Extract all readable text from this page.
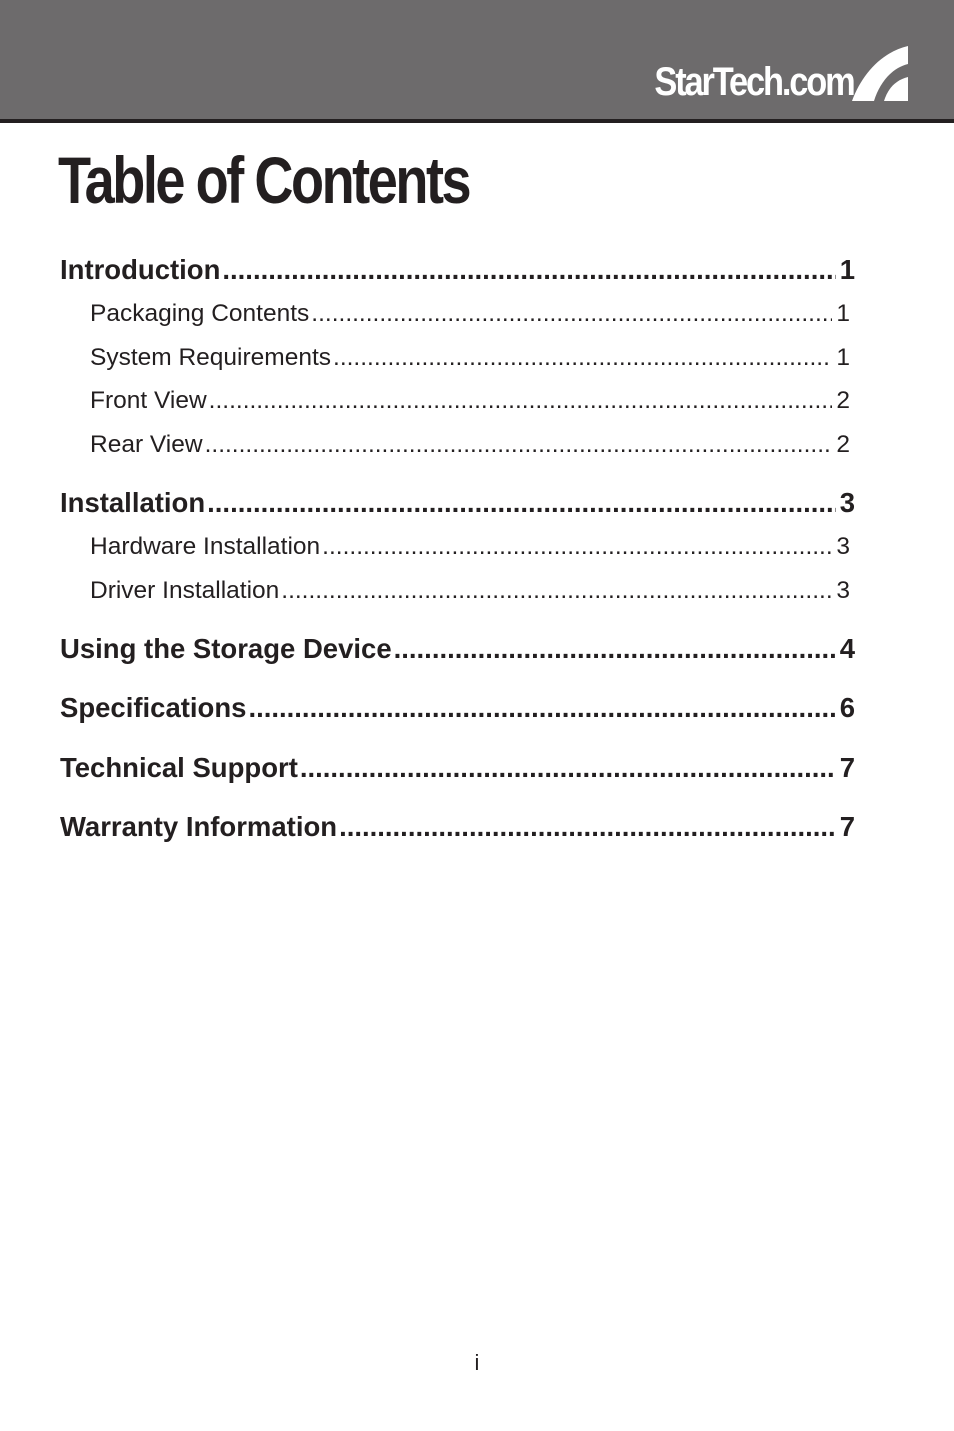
StarTech.com
Table of Contents
Introduction .....	1
Packaging Contents .....	1
System Requirements .....	1
Front View .....	2
Rear View .....	2
Installation .....	3
Hardware Installation .....	3
Driver Installation .....	3
Using the Storage Device .....	4
Specifications .....	6
Technical Support .....	7
Warranty Information .....	7
i
